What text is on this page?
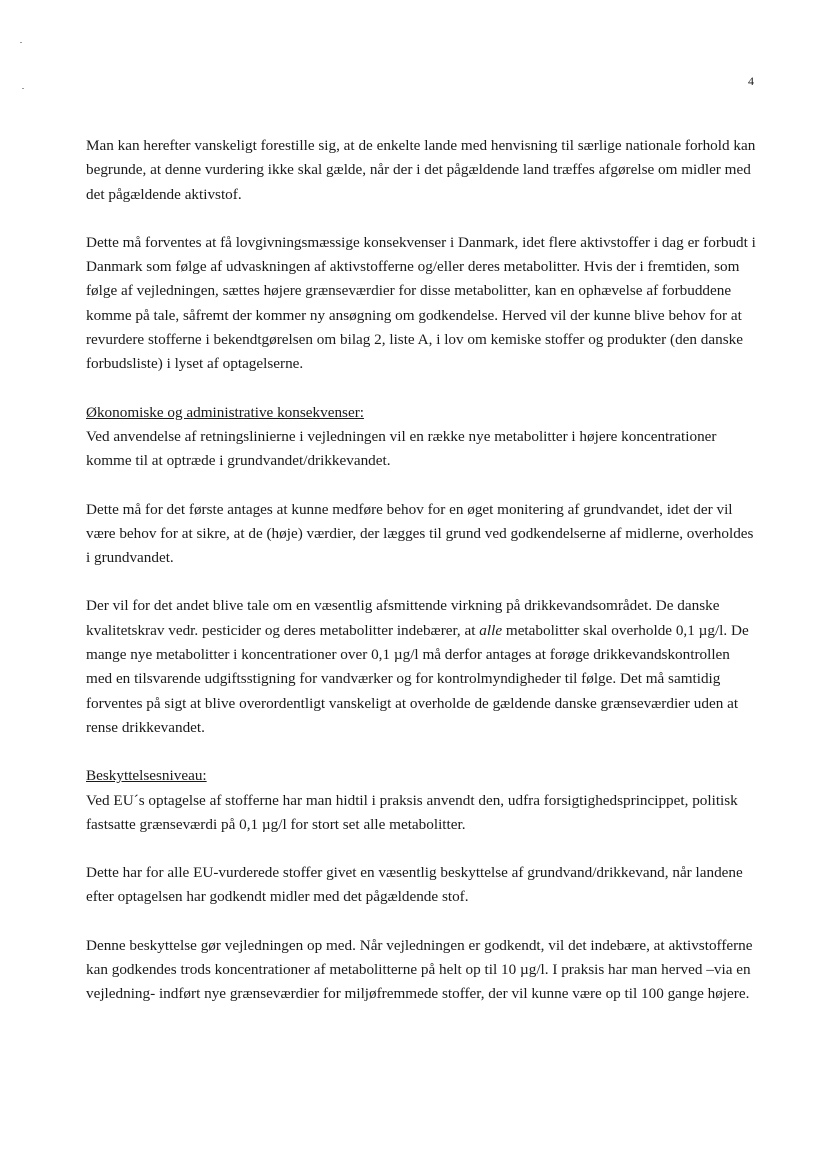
4

Man kan herefter vanskeligt forestille sig, at de enkelte lande med henvisning til særlige nationale forhold kan begrunde, at denne vurdering ikke skal gælde, når der i det pågældende land træffes afgørelse om midler med det pågældende aktivstof.

Dette må forventes at få lovgivningsmæssige konsekvenser i Danmark, idet flere aktivstoffer i dag er forbudt i Danmark som følge af udvaskningen af aktivstofferne og/eller deres metabolitter. Hvis der i fremtiden, som følge af vejledningen, sættes højere grænseværdier for disse metabolitter, kan en ophævelse af forbuddene komme på tale, såfremt der kommer ny ansøgning om godkendelse. Herved vil der kunne blive behov for at revurdere stofferne i bekendtgørelsen om bilag 2, liste A, i lov om kemiske stoffer og produkter (den danske forbudsliste) i lyset af optagelserne.

Økonomiske og administrative konsekvenser:
Ved anvendelse af retningslinierne i vejledningen vil en række nye metabolitter i højere koncentrationer komme til at optræde i grundvandet/drikkevandet.

Dette må for det første antages at kunne medføre behov for en øget monitering af grundvandet, idet der vil være behov for at sikre, at de (høje) værdier, der lægges til grund ved godkendelserne af midlerne, overholdes i grundvandet.

Der vil for det andet blive tale om en væsentlig afsmittende virkning på drikkevandsområdet. De danske kvalitetskrav vedr. pesticider og deres metabolitter indebærer, at alle metabolitter skal overholde 0,1 µg/l. De mange nye metabolitter i koncentrationer over 0,1 µg/l må derfor antages at forøge drikkevandskontrollen med en tilsvarende udgiftsstigning for vandværker og for kontrolmyndigheder til følge. Det må samtidig forventes på sigt at blive overordentligt vanskeligt at overholde de gældende danske grænseværdier uden at rense drikkevandet.

Beskyttelsesniveau:
Ved EU´s optagelse af stofferne har man hidtil i praksis anvendt den, udfra forsigtighedsprincippet, politisk fastsatte grænseværdi på 0,1 µg/l for stort set alle metabolitter.

Dette har for alle EU-vurderede stoffer givet en væsentlig beskyttelse af grundvand/drikkevand, når landene efter optagelsen har godkendt midler med det pågældende stof.

Denne beskyttelse gør vejledningen op med. Når vejledningen er godkendt, vil det indebære, at aktivstofferne kan godkendes trods koncentrationer af metabolitterne på helt op til 10 µg/l. I praksis har man herved –via en vejledning- indført nye grænseværdier for miljøfremmede stoffer, der vil kunne være op til 100 gange højere.
